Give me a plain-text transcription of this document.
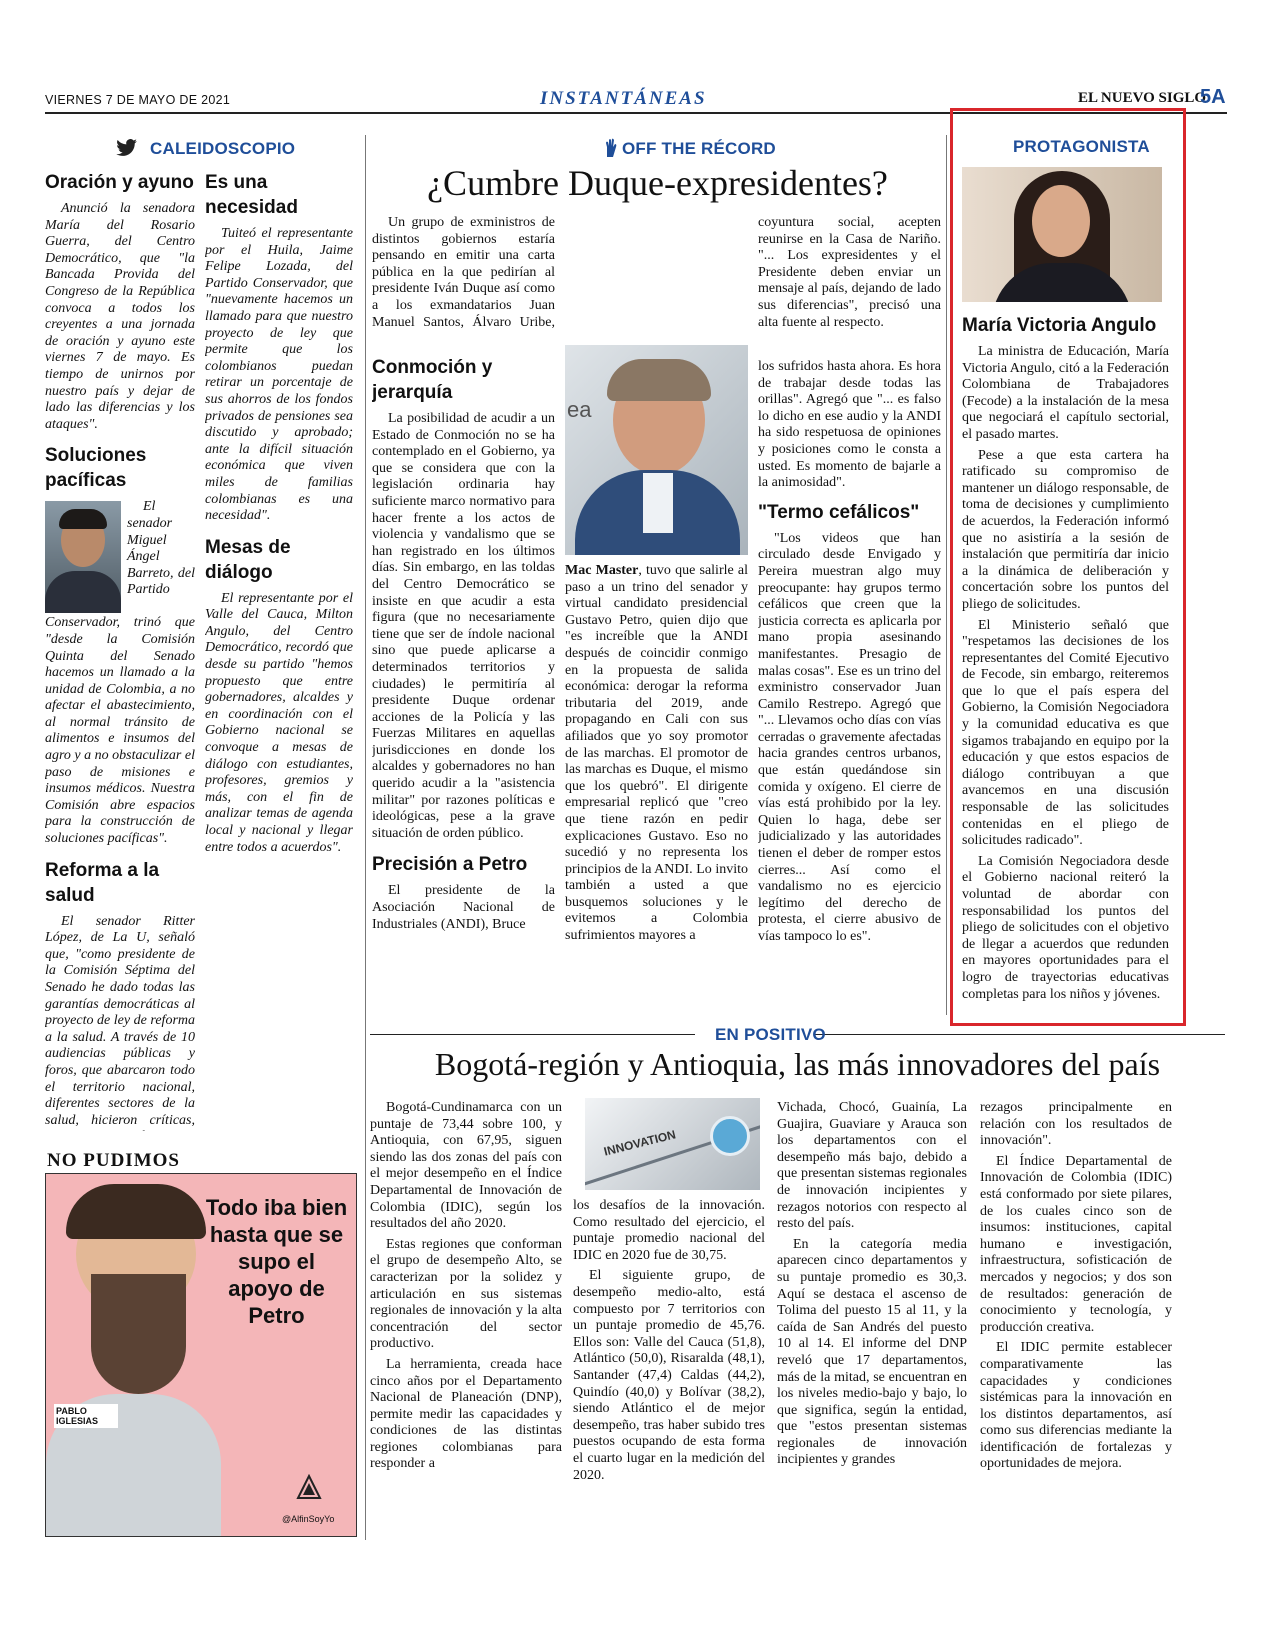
VIERNES 7 DE MAYO DE 2021	INSTANTÁNEAS	EL NUEVO SIGLO
5A
CALEIDOSCOPIO
Oración y ayuno

Anunció la senadora María del Rosario Guerra, del Centro Democrático, que "la Bancada Provida del Congreso de la República convoca a todos los creyentes a una jornada de oración y ayuno este viernes 7 de mayo. Es tiempo de unirnos por nuestro país y dejar de lado las diferencias y los ataques".

Soluciones pacíficas

El senador Miguel Ángel Barreto, del Partido Conservador, trinó que "desde la Comisión Quinta del Senado hacemos un llamado a la unidad de Colombia, a no afectar el abastecimiento, al normal tránsito de alimentos e insumos del agro y a no obstaculizar el paso de misiones e insumos médicos. Nuestra Comisión abre espacios para la construcción de soluciones pacíficas".

Reforma a la salud

El senador Ritter López, de La U, señaló que, "como presidente de la Comisión Séptima del Senado he dado todas las garantías democráticas al proyecto de ley de reforma a la salud. A través de 10 audiencias públicas y foros, que abarcaron todo el territorio nacional, diferentes sectores de la salud, hicieron críticas,

Es una necesidad

Tuiteó el representante por el Huila, Jaime Felipe Lozada, del Partido Conservador, que "nuevamente hacemos un llamado para que nuestro proyecto de ley que permite que los colombianos puedan retirar un porcentaje de sus ahorros de los fondos privados de pensiones sea discutido y aprobado; ante la difícil situación económica que viven miles de familias colombianas es una necesidad".

Mesas de diálogo

El representante por el Valle del Cauca, Milton Angulo, del Centro Democrático, recordó que desde su partido "hemos propuesto que entre gobernadores, alcaldes y en coordinación con el Gobierno nacional se convoque a mesas de diálogo con estudiantes, profesores, gremios y más, con el fin de analizar temas de agenda local y nacional y llegar entre todos a acuerdos".

NO PUDIMOS
Todo iba bien hasta que se supo el apoyo de Petro
PABLO IGLESIAS
@AlfinSoyYo
OFF THE RÉCORD
¿Cumbre Duque-expresidentes?

Un grupo de exministros de distintos gobiernos estaría pensando en emitir una carta pública en la que pedirían al presidente Iván Duque así como a los exmandatarios Juan Manuel Santos, Álvaro Uribe,

Conmoción y jerarquía

La posibilidad de acudir a un Estado de Conmoción no se ha contemplado en el Gobierno, ya que se considera que con la legislación ordinaria hay suficiente marco normativo para hacer frente a los actos de violencia y vandalismo que se han registrado en los últimos días. Sin embargo, en las toldas del Centro Democrático se insiste en que acudir a esta figura (que no necesariamente tiene que ser de índole nacional sino que puede aplicarse a determinados territorios y ciudades) le permitiría al presidente Duque ordenar acciones de la Policía y las Fuerzas Militares en aquellas jurisdicciones en donde los alcaldes y gobernadores no han querido acudir a la "asistencia militar" por razones políticas e ideológicas, pese a la grave situación de orden público.

Precisión a Petro

El presidente de la Asociación Nacional de Industriales (ANDI), Bruce

ea

Mac Master, tuvo que salirle al paso a un trino del senador y virtual candidato presidencial Gustavo Petro, quien dijo que "es increíble que la ANDI después de coincidir conmigo en la propuesta de salida económica: derogar la reforma tributaria del 2019, ande propagando en Cali con sus afiliados que yo soy promotor de las marchas. El promotor de las marchas es Duque, el mismo que los quebró". El dirigente empresarial replicó que "creo que tiene razón en pedir explicaciones Gustavo. Eso no sucedió y no representa los principios de la ANDI. Lo invito también a usted a que busquemos soluciones y le evitemos a Colombia sufrimientos mayores a

coyuntura social, acepten reunirse en la Casa de Nariño. "... Los expresidentes y el Presidente deben enviar un mensaje al país, dejando de lado sus diferencias", precisó una alta fuente al respecto.

los sufridos hasta ahora. Es hora de trabajar desde todas las orillas". Agregó que "... es falso lo dicho en ese audio y la ANDI ha sido respetuosa de opiniones y posiciones como le consta a usted. Es momento de bajarle a la animosidad".

"Termo cefálicos"

"Los videos que han circulado desde Envigado y Pereira muestran algo muy preocupante: hay grupos termo cefálicos que creen que la justicia correcta es aplicarla por mano propia asesinando manifestantes. Presagio de malas cosas". Ese es un trino del exministro conservador Juan Camilo Restrepo. Agregó que "... Llevamos ocho días con vías cerradas o gravemente afectadas hacia grandes centros urbanos, que están quedándose sin comida y oxígeno. El cierre de vías está prohibido por la ley. Quien lo haga, debe ser judicializado y las autoridades tienen el deber de romper estos cierres... Así como el vandalismo no es ejercicio legítimo del derecho de protesta, el cierre abusivo de vías tampoco lo es".

PROTAGONISTA
María Victoria Angulo

La ministra de Educación, María Victoria Angulo, citó a la Federación Colombiana de Trabajadores (Fecode) a la instalación de la mesa que negociará el capítulo sectorial, el pasado martes.

Pese a que esta cartera ha ratificado su compromiso de mantener un diálogo responsable, de toma de decisiones y cumplimiento de acuerdos, la Federación informó que no asistiría a la sesión de instalación que permitiría dar inicio a la dinámica de deliberación y concertación sobre los puntos del pliego de solicitudes.

El Ministerio señaló que "respetamos las decisiones de los representantes del Comité Ejecutivo de Fecode, sin embargo, reiteremos que lo que el país espera del Gobierno, la Comisión Negociadora y la comunidad educativa es que sigamos trabajando en equipo por la educación y que estos espacios de diálogo contribuyan a que avancemos en una discusión responsable de las solicitudes contenidas en el pliego de solicitudes radicado".

La Comisión Negociadora desde el Gobierno nacional reiteró la voluntad de abordar con responsabilidad los puntos del pliego de solicitudes con el objetivo de llegar a acuerdos que redunden en mayores oportunidades para el logro de trayectorias educativas completas para los niños y jóvenes.

EN POSITIVO
Bogotá-región y Antioquia, las más innovadores del país

Bogotá-Cundinamarca con un puntaje de 73,44 sobre 100, y Antioquia, con 67,95, siguen siendo las dos zonas del país con el mejor desempeño en el Índice Departamental de Innovación de Colombia (IDIC), según los resultados del año 2020.

Estas regiones que conforman el grupo de desempeño Alto, se caracterizan por la solidez y articulación en sus sistemas regionales de innovación y la alta concentración del sector productivo.

La herramienta, creada hace cinco años por el Departamento Nacional de Planeación (DNP), permite medir las capacidades y condiciones de las distintas regiones colombianas para responder a

INNOVATION

los desafíos de la innovación. Como resultado del ejercicio, el puntaje promedio nacional del IDIC en 2020 fue de 30,75.

El siguiente grupo, de desempeño medio-alto, está compuesto por 7 territorios con un puntaje promedio de 45,76. Ellos son: Valle del Cauca (51,8), Atlántico (50,0), Risaralda (48,1), Santander (47,4) Caldas (44,2), Quindío (40,0) y Bolívar (38,2), siendo Atlántico el de mejor desempeño, tras haber subido tres puestos ocupando de esta forma el cuarto lugar en la medición del 2020.

Vichada, Chocó, Guainía, La Guajira, Guaviare y Arauca son los departamentos con el desempeño más bajo, debido a que presentan sistemas regionales de innovación incipientes y rezagos notorios con respecto al resto del país.

En la categoría media aparecen cinco departamentos y su puntaje promedio es 30,3. Aquí se destaca el ascenso de Tolima del puesto 15 al 11, y la caída de San Andrés del puesto 10 al 14. El informe del DNP reveló que 17 departamentos, más de la mitad, se encuentran en los niveles medio-bajo y bajo, lo que significa, según la entidad, que "estos presentan sistemas regionales de innovación incipientes y grandes

rezagos principalmente en relación con los resultados de innovación".

El Índice Departamental de Innovación de Colombia (IDIC) está conformado por siete pilares, de los cuales cinco son de insumos: instituciones, capital humano e investigación, infraestructura, sofisticación de mercados y negocios; y dos son de resultados: generación de conocimiento y tecnología, y producción creativa.

El IDIC permite establecer comparativamente las capacidades y condiciones sistémicas para la innovación en los distintos departamentos, así como sus diferencias mediante la identificación de fortalezas y oportunidades de mejora.
